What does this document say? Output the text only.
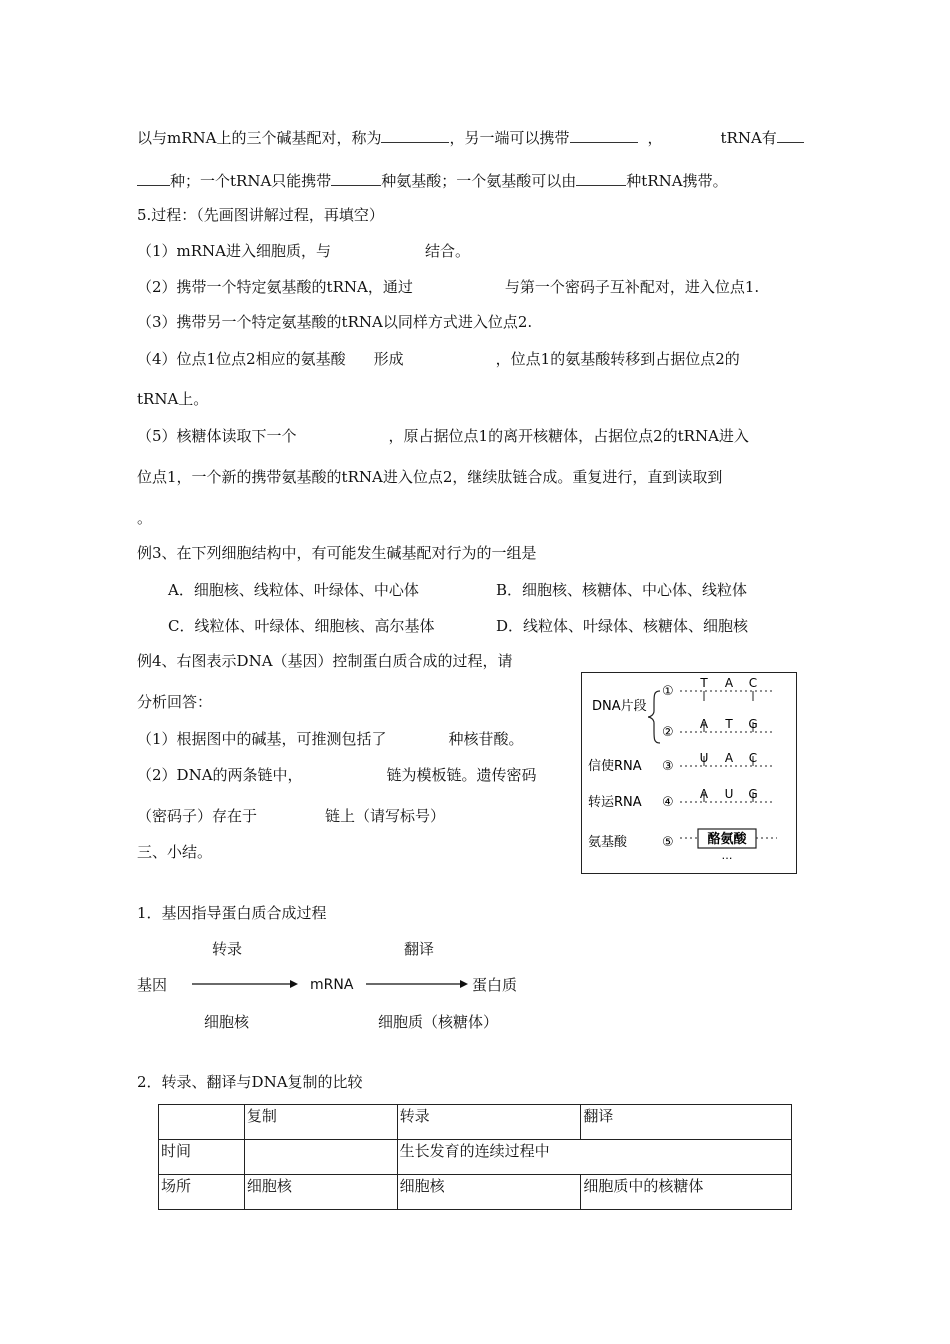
以与mRNA上的三个碱基配对，称为	，另一端可以携带	，	tRNA有
种；一个tRNA只能携带	种氨基酸；一个氨基酸可以由	种tRNA携带。
5.过程：（先画图讲解过程，再填空）
（1）mRNA进入细胞质，与	结合。
（2）携带一个特定氨基酸的tRNA，通过	与第一个密码子互补配对，进入位点1.
（3）携带另一个特定氨基酸的tRNA以同样方式进入位点2.
（4）位点1位点2相应的氨基酸 形成	，位点1的氨基酸转移到占据位点2的
tRNA上。
（5）核糖体读取下一个	，原占据位点1的离开核糖体，占据位点2的tRNA进入
位点1，一个新的携带氨基酸的tRNA进入位点2，继续肽链合成。重复进行，直到读取到
。
例3、在下列细胞结构中，有可能发生碱基配对行为的一组是
A．细胞核、线粒体、叶绿体、中心体	B．细胞核、核糖体、中心体、线粒体
C．线粒体、叶绿体、细胞核、高尔基体	D．线粒体、叶绿体、核糖体、细胞核
例4、右图表示DNA（基因）控制蛋白质合成的过程，请
分析回答：
（1）根据图中的碱基，可推测包括了	种核苷酸。
（2）DNA的两条链中，	链为模板链。遗传密码
（密码子）存在于	链上（请写标号）
DNA片段
①
②
③
④
⑤
信使RNA
转运RNA
氨基酸
T A C
A T G
U A C
A U G
酪氨酸
…
三、小结。
1．基因指导蛋白质合成过程
转录	翻译
基因	mRNA	蛋白质
细胞核	细胞质（核糖体）
2．转录、翻译与DNA复制的比较
	复制	转录	翻译
时间		生长发育的连续过程中	
场所	细胞核	细胞核	细胞质中的核糖体
